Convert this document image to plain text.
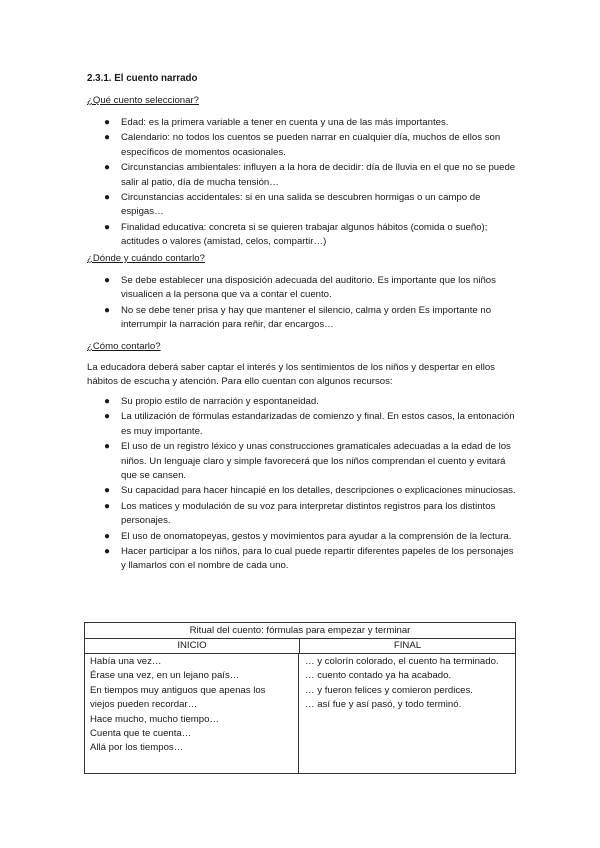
2.3.1. El cuento narrado
¿Qué cuento seleccionar?
● Edad: es la primera variable a tener en cuenta y una de las más importantes.
● Calendario: no todos los cuentos se pueden narrar en cualquier día, muchos de ellos son específicos de momentos ocasionales.
● Circunstancias ambientales: influyen a la hora de decidir: día de lluvia en el que no se puede salir al patio, día de mucha tensión…
● Circunstancias accidentales: si en una salida se descubren hormigas o un campo de espigas…
● Finalidad educativa: concreta si se quieren trabajar algunos hábitos (comida o sueño); actitudes o valores (amistad, celos, compartir…)
¿Dónde y cuándo contarlo?
● Se debe establecer una disposición adecuada del auditorio. Es importante que los niños visualicen a la persona que va a contar el cuento.
● No se debe tener prisa y hay que mantener el silencio, calma y orden Es importante no interrumpir la narración para reñir, dar encargos…
¿Cómo contarlo?
La educadora deberá saber captar el interés y los sentimientos de los niños y despertar en ellos hábitos de escucha y atención. Para ello cuentan con algunos recursos:
● Su propio estilo de narración y espontaneidad.
● La utilización de fórmulas estandarizadas de comienzo y final. En estos casos, la entonación es muy importante.
● El uso de un registro léxico y unas construcciones gramaticales adecuadas a la edad de los niños. Un lenguaje claro y simple favorecerá que los niños comprendan el cuento y evitará que se cansen.
● Su capacidad para hacer hincapié en los detalles, descripciones o explicaciones minuciosas.
● Los matices y modulación de su voz para interpretar distintos registros para los distintos personajes.
● El uso de onomatopeyas, gestos y movimientos para ayudar a la comprensión de la lectura.
● Hacer participar a los niños, para lo cual puede repartir diferentes papeles de los personajes y llamarlos con el nombre de cada uno.
Ritual del cuento: fórmulas para empezar y terminar
INICIO	FINAL
Había una vez…
Érase una vez, en un lejano país…
En tiempos muy antiguos que apenas los
viejos pueden recordar…
Hace mucho, mucho tiempo…
Cuenta que te cuenta…
Allá por los tiempos…
… y colorín colorado, el cuento ha terminado.
… cuento contado ya ha acabado.
… y fueron felices y comieron perdices.
… así fue y así pasó, y todo terminó.
